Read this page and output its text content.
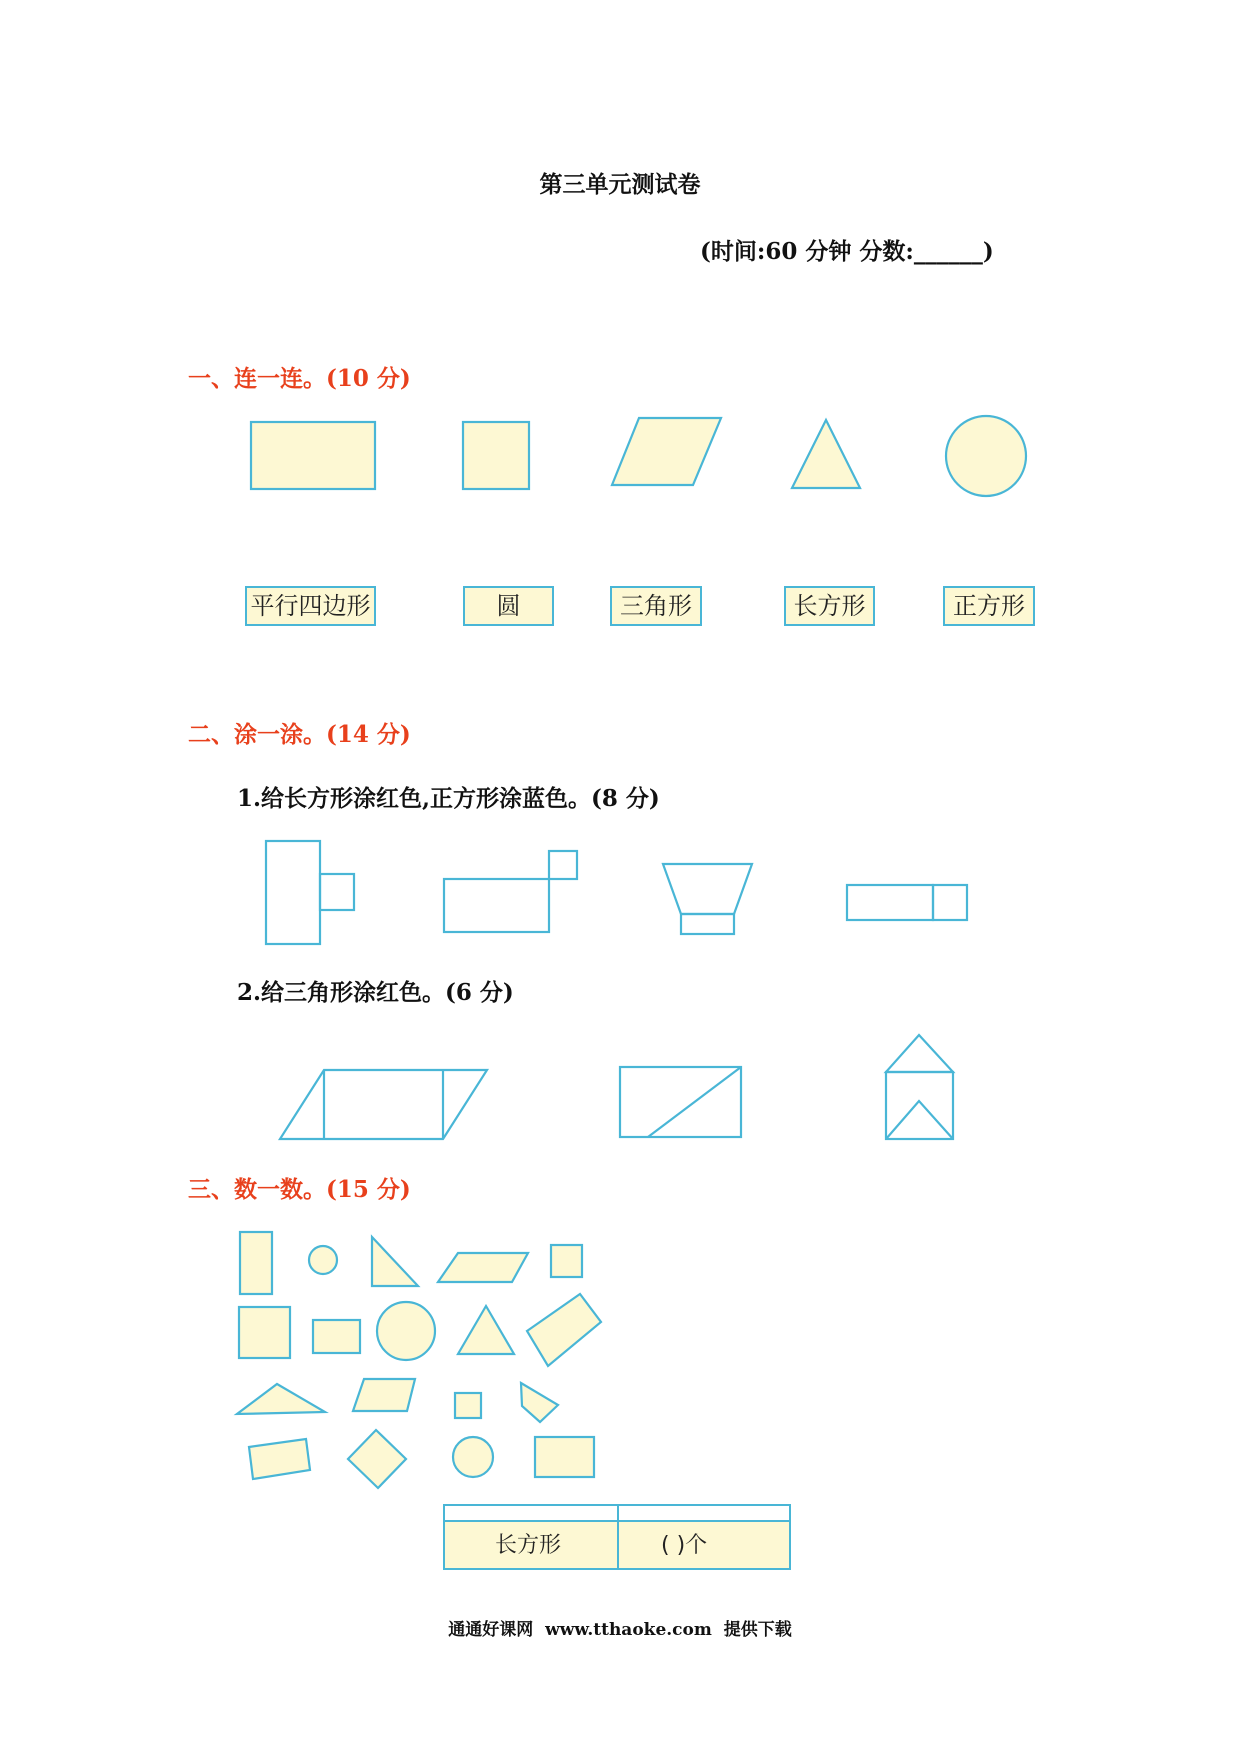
第三单元测试卷
(时间:60 分钟 分数:______)
一、连一连。(10 分)
平行四边形	圆	三角形	长方形	正方形
二、涂一涂。(14 分)
1.给长方形涂红色,正方形涂蓝色。(8 分)
2.给三角形涂红色。(6 分)
三、数一数。(15 分)
长方形	( )个
通通好课网  www.tthaoke.com  提供下载
